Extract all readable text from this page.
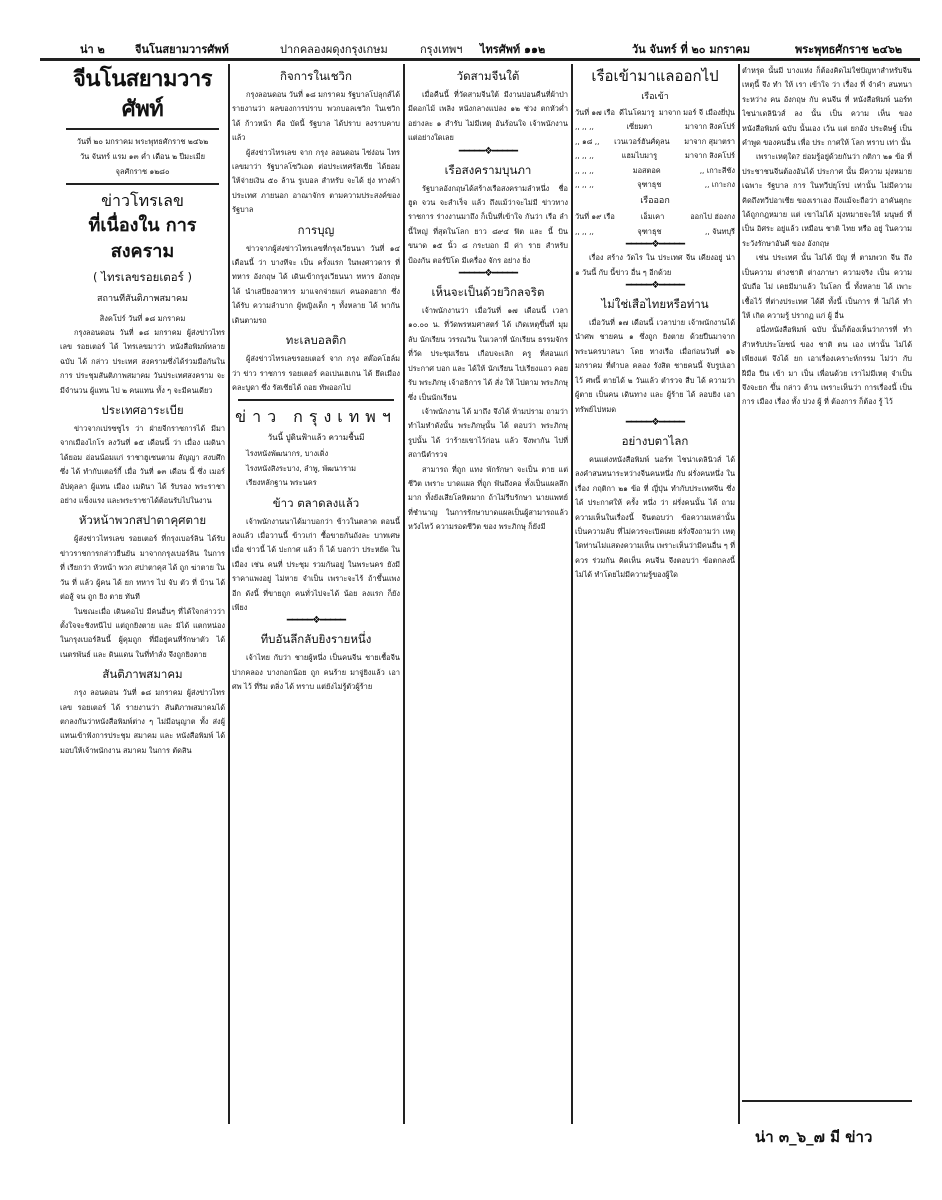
น่า ๒	จีนโนสยามวารศัพท์	ปากคลองผดุงกรุงเกษม	กรุงเทพฯ ไทรศัพท์ ๑๑๒	วัน จันทร์ ที่ ๒๐ มกราคม	พระพุทธศักราช ๒๔๖๒
จีนโนสยามวารศัพท์
วันที่ ๒๐ มกราคม พระพุทธศักราช ๒๔๖๒
วัน จันทร์ แรม ๑๓ ค่ำ เดือน ๒ ปีมะเมีย
จุลศักราช ๑๒๘๐
ข่าวโทรเลข
ที่เนื่องใน การสงคราม
( ไทรเลขรอยเตอร์ )
สถานทีสันติภาพสมาคม
สิงคโปร์ วันที่ ๑๘ มกราคม

กรุงลอนดอน วันที่ ๑๘ มกราคม ผู้ส่งข่าวไทรเลข รอยเตอร์ ได้ ไทรเลขมาว่า หนังสือพิมพ์หลายฉบับ ได้ กล่าว ประเทศ สงครามซึ่งได้ร่วมมือกันในการ ประชุมสันติภาพสมาคม วันประเทศสงคราม จะมีจำนวน ผู้แทน ไป ๒ คนแทน ทั้ง ๆ จะมีคนเดียว

ประเทศอาระเบีย

ข่าวจากเปรซซูไร ว่า ฝ่ายจีกราชการได้ มีมาจากเมืองไกโร ลงวันที่ ๑๕ เดือนนี้ ว่า เมื่อง เมดินา ได้ยอม อ่อนน้อมแก่ ราชาฮูเซนตาม สัญญา สงบศึก ซึ่ง ได้ ทำกับเตอร์กี้ เมื่อ วันที่ ๑๓ เดือน นี้ ซึ่ง เมอร์ อัปดุลลา ผู้แทน เมือง เมดินา ได้ รับรอง พระราชา อย่าง แข็งแรง และพระราชาได้ต้อนรับไปในงาน

หัวหน้าพวกสปาตาคุศตาย

ผู้ส่งข่าวไทรเลข รอยเตอร์ ที่กรุงเบอร์ลิน ได้รับข่าวราชการกล่าวยืนยัน มาจากกรุงเบอร์ลิน ในการที่ เรียกว่า หัวหน้า พวก สปาตาคุส ได้ ถูก ฆ่าตาย ในวัน ที่ แล้ว ผู้คน ได้ ยก ทหาร ไป จับ ตัว ที่ บ้าน ได้ ต่อสู้ จน ถูก ยิง ตาย ทันที

ในขณะเมื่อ เดินคอไป มีคนอื่นๆ ที่ได้ใจกล่าวว่า ตั้งใจจะชิงหนีไป แต่ถูกยิงตาย และ มิได้ แตกหน่อง ในกรุงเบอร์ลินนี้ ผู้คุมถูก ที่มีอยู่คนที่รักษาตัว ได้ เนตรพันธ์ และ ดินแดน ในที่ทำสั่ง จึงถูกยิงตาย

สันติภาพสมาคม

กรุง ลอนดอน วันที่ ๑๘ มกราคม ผู้ส่งข่าวไทรเลข รอยเตอร์ ได้ รายงานว่า สันติภาพสมาคมได้ ตกลงกันว่าหนังสือพิมพ์ต่าง ๆ ไม่มีอนุญาต ทั้ง ส่งผู้แทนเข้าฟังการประชุม สมาคม และ หนังสือพิมพ์ ได้ มอบให้เจ้าพนักงาน สมาคม ในการ ตัดสิน

กิจการในเชวิก

กรุงลอนดอน วันที่ ๑๘ มกราคม รัฐบาลโปลุกส์ได้ รายงานว่า ผลของการปราบ พวกบอลเชวิก ในเชวิกได้ ก้าวหน้า คือ บัดนี้ รัฐบาล ได้ปราบ ลงราบคาบแล้ว

ผู้ส่งข่าวไทรเลข จาก กรุง ลอนดอน ไซ่ง่อน ไทรเลขมาว่า รัฐบาลโซวิเอต ต่อประเทศรัสเซีย ได้ยอม ให้จ่ายเงิน ๕๐ ล้าน รูเบอล สำหรับ จะได้ ยุ่ง ทางค้า ประเทศ ภายนอก อาณาจักร ตามความประสงค์ของรัฐบาล

การบุญ

ข่าวจากผู้ส่งข่าวไทรเลขที่กรุงเวียนนา วันที่ ๑๔ เดือนนี้ ว่า บางทีจะ เป็น ครั้งแรก ในพงศาวดาร ที่ ทหาร อังกฤษ ได้ เดินเข้ากรุงเวียนนา ทหาร อังกฤษ ได้ นำเสบียงอาหาร มาแจกจ่ายแก่ คนอดอยาก ซึ่ง ได้รับ ความลำบาก ผู้หญิงเด็ก ๆ ทั้งหลาย ได้ พากันเดินตามรถ

ทะเลบอลติก

ผู้ส่งข่าวไทรเลขรอยเตอร์ จาก กรุง สต๊อคโฮล์ม ว่า ข่าว ราชการ รอยเตอร์ คอเปนเฮเกน ได้ ยึดเมือง คละบูดา ซึ่ง รัสเซียได้ ถอย ทัพออกไป

ข่าว กรุงเทพฯ
วันนี้ ปูดินฟ้าแล้ว ความชื้นมี
ไรงหนังพัฒนากร, บางเดิ่ง
ไรงหนังสิงระบาง, ลำพู, พัฒนาราม
เรียงหลักฐาน พระนคร
ข้าว ตลาดลงแล้ว

เจ้าพนักงานนาได้มาบอกว่า ข้าวในตลาด ตอนนี้ ลงแล้ว เมื่อวานนี้ ข้าวเก่า ซื้อขายกันถังละ บาทเศษ เมื่อ ข่าวนี้ ได้ ปะกาศ แล้ว ก็ ได้ บอกว่า ประหยัด ในเมือง เช่น คนที่ ประชุม รวมกันอยู่ ในพระนคร ยังมีราคาแพงอยู่ ไม่หาย จำเป็น เพราะจะไร้ ถ้าขึ้นแพง อีก ดังนี้ ที่ขายถูก คนทั่วไปจะได้ น้อย ลงแรก ก็ยังเพียง

━━━━━❖━━━━━
ทีบอันลึกลับยิงรายหนึ่ง

เจ้าไทย กับว่า ชายผู้หนึ่ง เป็นคนจีน ชายเชื้อจีน ปากคลอง บางกอกน้อย ถูก คนร้าย มาจู่ยิงแล้ว เอา ศพ ไว้ ที่ริม ตลิ่ง ได้ ทราบ แต่ยังไม่รู้ตัวผู้ร้าย

วัดสามจีนใต้

เมื่อคืนนี้ ที่วัดสามจีนใต้ มีงานบ่อนคืนที่ผ้าป่า มีดอกไม้ เพลิง หนังกลางแปลง ๑๒ ช่วง ตกหัวค่ำ อย่างละ ๑ สำรับ ไม่มีเหตุ อันร้อนใจ เจ้าพนักงาน แต่อย่างใดเลย

━━━━━❖━━━━━
เรือสงครามบุนภา

รัฐบาลอังกฤษได้สร้างเรือสงครามลำหนึ่ง ชื่อ ฮูด จวน จะสำเร็จ แล้ว ถึงแม้ว่าจะไม่มี ข่าวทาง ราชการ ร่างงานมาถึง ก็เป็นที่เข้าใจ กันว่า เรือ ลำนี้ใหญ่ ที่สุดในโลก ยาว ๘๙๔ ฟิต และ นี้ บิน ขนาด ๑๕ นิ้ว ๘ กระบอก มี ค่า ราย สำหรับ ป้องกัน ตอร์ปิโด มีเครื่อง จักร อย่าง ยิ่ง

━━━━━❖━━━━━
เห็นจะเป็นด้วยวิกลจริต

เจ้าพนักงานว่า เมื่อวันที่ ๑๗ เดือนนี้ เวลา ๑๐.๐๐ น. ที่วัดพรหมศาสตร์ ได้ เกิดเหตุขึ้นที่ มุมลับ นักเรียน วรรณวิน ในเวลาที่ นักเรียน ธรรมจักร ที่วัด ประชุมเรียน เกือบจะเลิก ครู ที่สอนแก่ ประกาศ บอก และ ได้ให้ นักเรียน ไปเรียงแถว คอยรับ พระภิกษุ เจ้าอธิการ ได้ สั่ง ให้ ไปตาม พระภิกษุ ซึ่ง เป็นนักเรียน

เจ้าพนักงาน ได้ มาถึง จึงได้ ห้ามปราม ถามว่า ทำไมทำดังนั้น พระภิกษุนั้น ได้ ตอบว่า พระภิกษุ รูปนั้น ได้ ว่าร้ายเขาไว้ก่อน แล้ว จึงพากัน ไปที่สถานีตำรวจ

สามารถ ที่ถูก แทง พักรักษา จะเป็น ตาย แต่ชีวิต เพราะ บาดแผล ที่ถูก ฟันถึงคอ ทั้งเป็นแผลลึก มาก ทั้งยังเสียโลหิตมาก ถ้าไม่รีบรักษา นายแพทย์ ที่ชำนาญ ในการรักษาบาดแผลเป็นผู้สามารถแล้ว หวังไหว้ ความรอดชีวิต ของ พระภิกษุ ก็ยังมี

เรือเข้ามาแลออกไป
เรือเข้า
วันที่ ๑๗ เรือ ดีไนโคมารู มาจาก มอร์ จี เมืองยี่ปุ่น
,, ,, ,,	เซี่ยมตา	มาจาก สิงคโปร์
,, ๑๘ ,, เวนเวอร์ฮันศ์ดุลน มาจาก สุมาตรา
,, ,, ,,	แฮมไบมารู	มาจาก สิงคโปร์
,, ,, ,,	มอสตอค	,, เกาะสีชัง
,, ,, ,,	จุฑาธุช	,, เกาะกง
เรือออก
วันที่ ๑๙ เรือ	เอ็มเคา	ออกไป ฮ่องกง
,, ,, ,,	จุฑาธุช	,, จันทบุรี
━━━━━❖━━━━━

เรื่อง สร้าง วัดไร ใน ประเทศ จีน เคียงอยู่ น่า ๑ วันนี้ กับ นี้ข่าว อื่น ๆ อีกด้วย

━━━━━❖━━━━━
ไม่ใช่เสือไทยหรือท่าน

เมื่อวันที่ ๑๗ เดือนนี้ เวลาบ่าย เจ้าพนักงานได้ นำศพ ชายคน ๑ ซึ่งถูก ยิงตาย ด้วยปืนมาจาก พระนครบาลนา โดย ทางเรือ เมื่อก่อนวันที่ ๑๖ มกราคม ที่ตำบล คลอง รังสิต ชายคนนี้ จับรูปเอาไว้ ศพนี้ ตายได้ ๒ วันแล้ว ตำรวจ สืบ ได้ ความว่า ผู้ตาย เป็นคน เดินทาง และ ผู้ร้าย ได้ ลอบยิง เอาทรัพย์ไปหมด

━━━━━❖━━━━━
อย่างบตาไลก

คนแต่งหนังสือพิมพ์ นอร์ท ไชน่าเดลินิวส์ ได้ ลงคำสนทนาระหว่างจีนคนหนึ่ง กับ ฝรั่งคนหนึ่ง ในเรื่อง กฤติกา ๒๑ ข้อ ที่ ญี่ปุ่น ทำกับประเทศจีน ซึ่ง ได้ ประกาศให้ ครั้ง หนึ่ง ว่า ฝรั่งคนนั้น ได้ ถามความเห็นในเรื่องนี้ จีนตอบว่า ข้อความเหล่านั้น เป็นความลับ ที่ไม่ควรจะเปิดเผย ฝรั่งจึงถามว่า เหตุใดท่านไม่แสดงความเห็น เพราะเห็นว่ามีคนอื่น ๆ ที่ควร ร่วมกัน คิดเห็น คนจีน จึงตอบว่า ข้อตกลงนี้ ไม่ได้ ทำโดยไม่มีความรู้ของผู้ใด

ตำหรุด นั้นมี บางแห่ง ก็ต้องคิดไม่ใช่ปัญหาสำหรับจีน เหตุนี้ จึง ทำ ให้ เรา เข้าใจ ว่า เรื่อง ที่ จำคำ สนทนา ระหว่าง คน อังกฤษ กับ คนจีน ที่ หนังสือพิมพ์ นอร์ทไชน่าเดลินิวส์ ลง นั้น เป็น ความ เห็น ของ หนังสือพิมพ์ ฉบับ นั้นเอง เว้น แต่ ยกอัง ประดิษฐ์ เป็นคำพูด ของคนอื่น เพื่อ ประ กาศให้ โลก ทราบ เท่า นั้น

เพราะเหตุใด? ย่อมรู้อยู่ด้วยกันว่า กติกา ๒๑ ข้อ ที่ ประชาชนจีนต้องอันได้ ประกาศ นั้น มีความ มุ่งหมาย เฉพาะ รัฐบาล การ ในทวีปยุโรป เท่านั้น ไม่มีความ คิดถึงทวีปอาเซีย ของเราเอง ถึงแม้จะถือว่า อาคันตุกะ ได้ถูกกฎหมาย แต่ เขาไม่ได้ มุ่งหมายจะให้ มนุษย์ ที่เป็น อิศระ อยู่แล้ว เหมือน ชาติ ไทย หรือ อยู่ ในความระวังรักษาอันดี ของ อังกฤษ

เช่น ประเทศ นั้น ไม่ได้ ปัญ ที่ ตามพวก จีน ถึงเป็นความ ต่างชาติ ต่างภาษา ความจริง เป็น ความ นับถือ ไม่ เคยมีมาแล้ว ในโลก นี้ ทั้งหลาย ได้ เพาะเชื้อไว้ ที่ต่างประเทศ ได้ดี ทั้งนี้ เป็นการ ที่ ไม่ได้ ทำ ให้ เกิด ความรู้ ปรากฏ แก่ ผู้ อื่น

อนึ่งหนังสือพิมพ์ ฉบับ นั้นก็ต้องเห็นว่าการที่ ทำ สำหรับประโยชน์ ของ ชาติ ตน เอง เท่านั้น ไม่ได้ เพียงแต่ จึงได้ ยก เอาเรื่องเคราะห์กรรม ไม่ว่า กับ ฝีมือ ปืน เข้า มา เป็น เพื่อนด้วย เราไม่มีเหตุ จำเป็น จึงจะยก ขึ้น กล่าว ต้าน เพราะเห็นว่า การเรื่องนี้ เป็น การ เมือง เรื่อง ทั้ง ปวง ผู้ ที่ ต้องการ ก็ต้อง รู้ ไว้

น่า ๓_๖_๗ มี ข่าว
